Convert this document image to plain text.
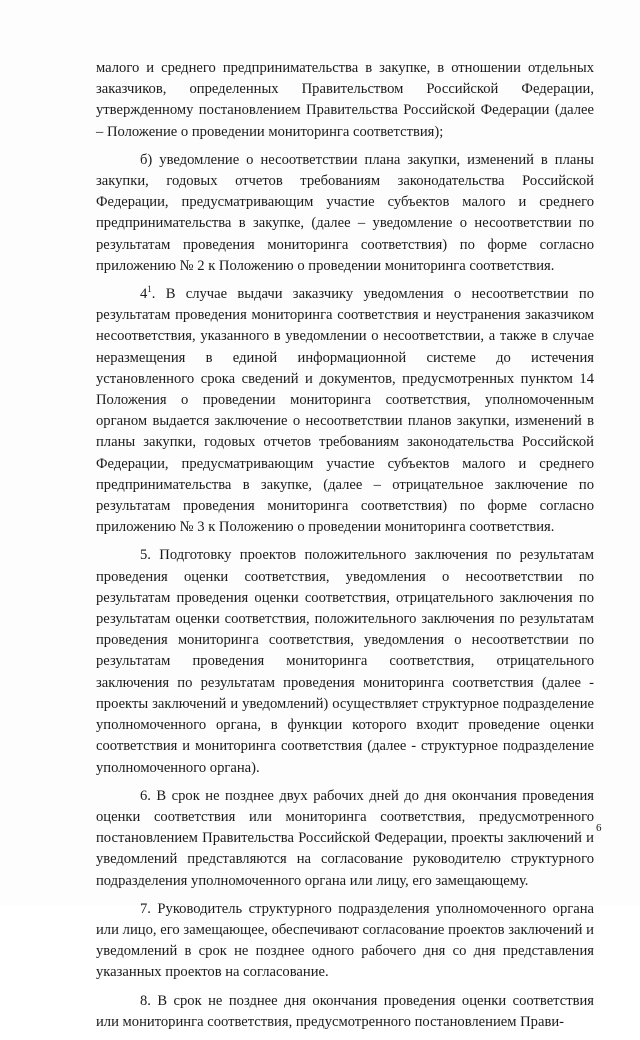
малого и среднего предпринимательства в закупке, в отношении отдельных заказчиков, определенных Правительством Российской Федерации, утвержденному постановлением Правительства Российской Федерации (далее – Положение о проведении мониторинга соответствия);

б) уведомление о несоответствии плана закупки, изменений в планы закупки, годовых отчетов требованиям законодательства Российской Федерации, предусматривающим участие субъектов малого и среднего предпринимательства в закупке, (далее – уведомление о несоответствии по результатам проведения мониторинга соответствия) по форме согласно приложению № 2 к Положению о проведении мониторинга соответствия.

$4^1$. В случае выдачи заказчику уведомления о несоответствии по результатам проведения мониторинга соответствия и неустранения заказчиком несоответствия, указанного в уведомлении о несоответствии, а также в случае неразмещения в единой информационной системе до истечения установленного срока сведений и документов, предусмотренных пунктом 14 Положения о проведении мониторинга соответствия, уполномоченным органом выдается заключение о несоответствии планов закупки, изменений в планы закупки, годовых отчетов требованиям законодательства Российской Федерации, предусматривающим участие субъектов малого и среднего предпринимательства в закупке, (далее – отрицательное заключение по результатам проведения мониторинга соответствия) по форме согласно приложению № 3 к Положению о проведении мониторинга соответствия.

5. Подготовку проектов положительного заключения по результатам проведения оценки соответствия, уведомления о несоответствии по результатам проведения оценки соответствия, отрицательного заключения по результатам оценки соответствия, положительного заключения по результатам проведения мониторинга соответствия, уведомления о несоответствии по результатам проведения мониторинга соответствия, отрицательного заключения по результатам проведения мониторинга соответствия (далее - проекты заключений и уведомлений) осуществляет структурное подразделение уполномоченного органа, в функции которого входит проведение оценки соответствия и мониторинга соответствия (далее - структурное подразделение уполномоченного органа).

6. В срок не позднее двух рабочих дней до дня окончания проведения оценки соответствия или мониторинга соответствия, предусмотренного постановлением Правительства Российской Федерации, проекты заключений и уведомлений представляются на согласование руководителю структурного подразделения уполномоченного органа или лицу, его замещающему.

7. Руководитель структурного подразделения уполномоченного органа или лицо, его замещающее, обеспечивают согласование проектов заключений и уведомлений в срок не позднее одного рабочего дня со дня представления указанных проектов на согласование.

8. В срок не позднее дня окончания проведения оценки соответствия или мониторинга соответствия, предусмотренного постановлением Прави-

6
